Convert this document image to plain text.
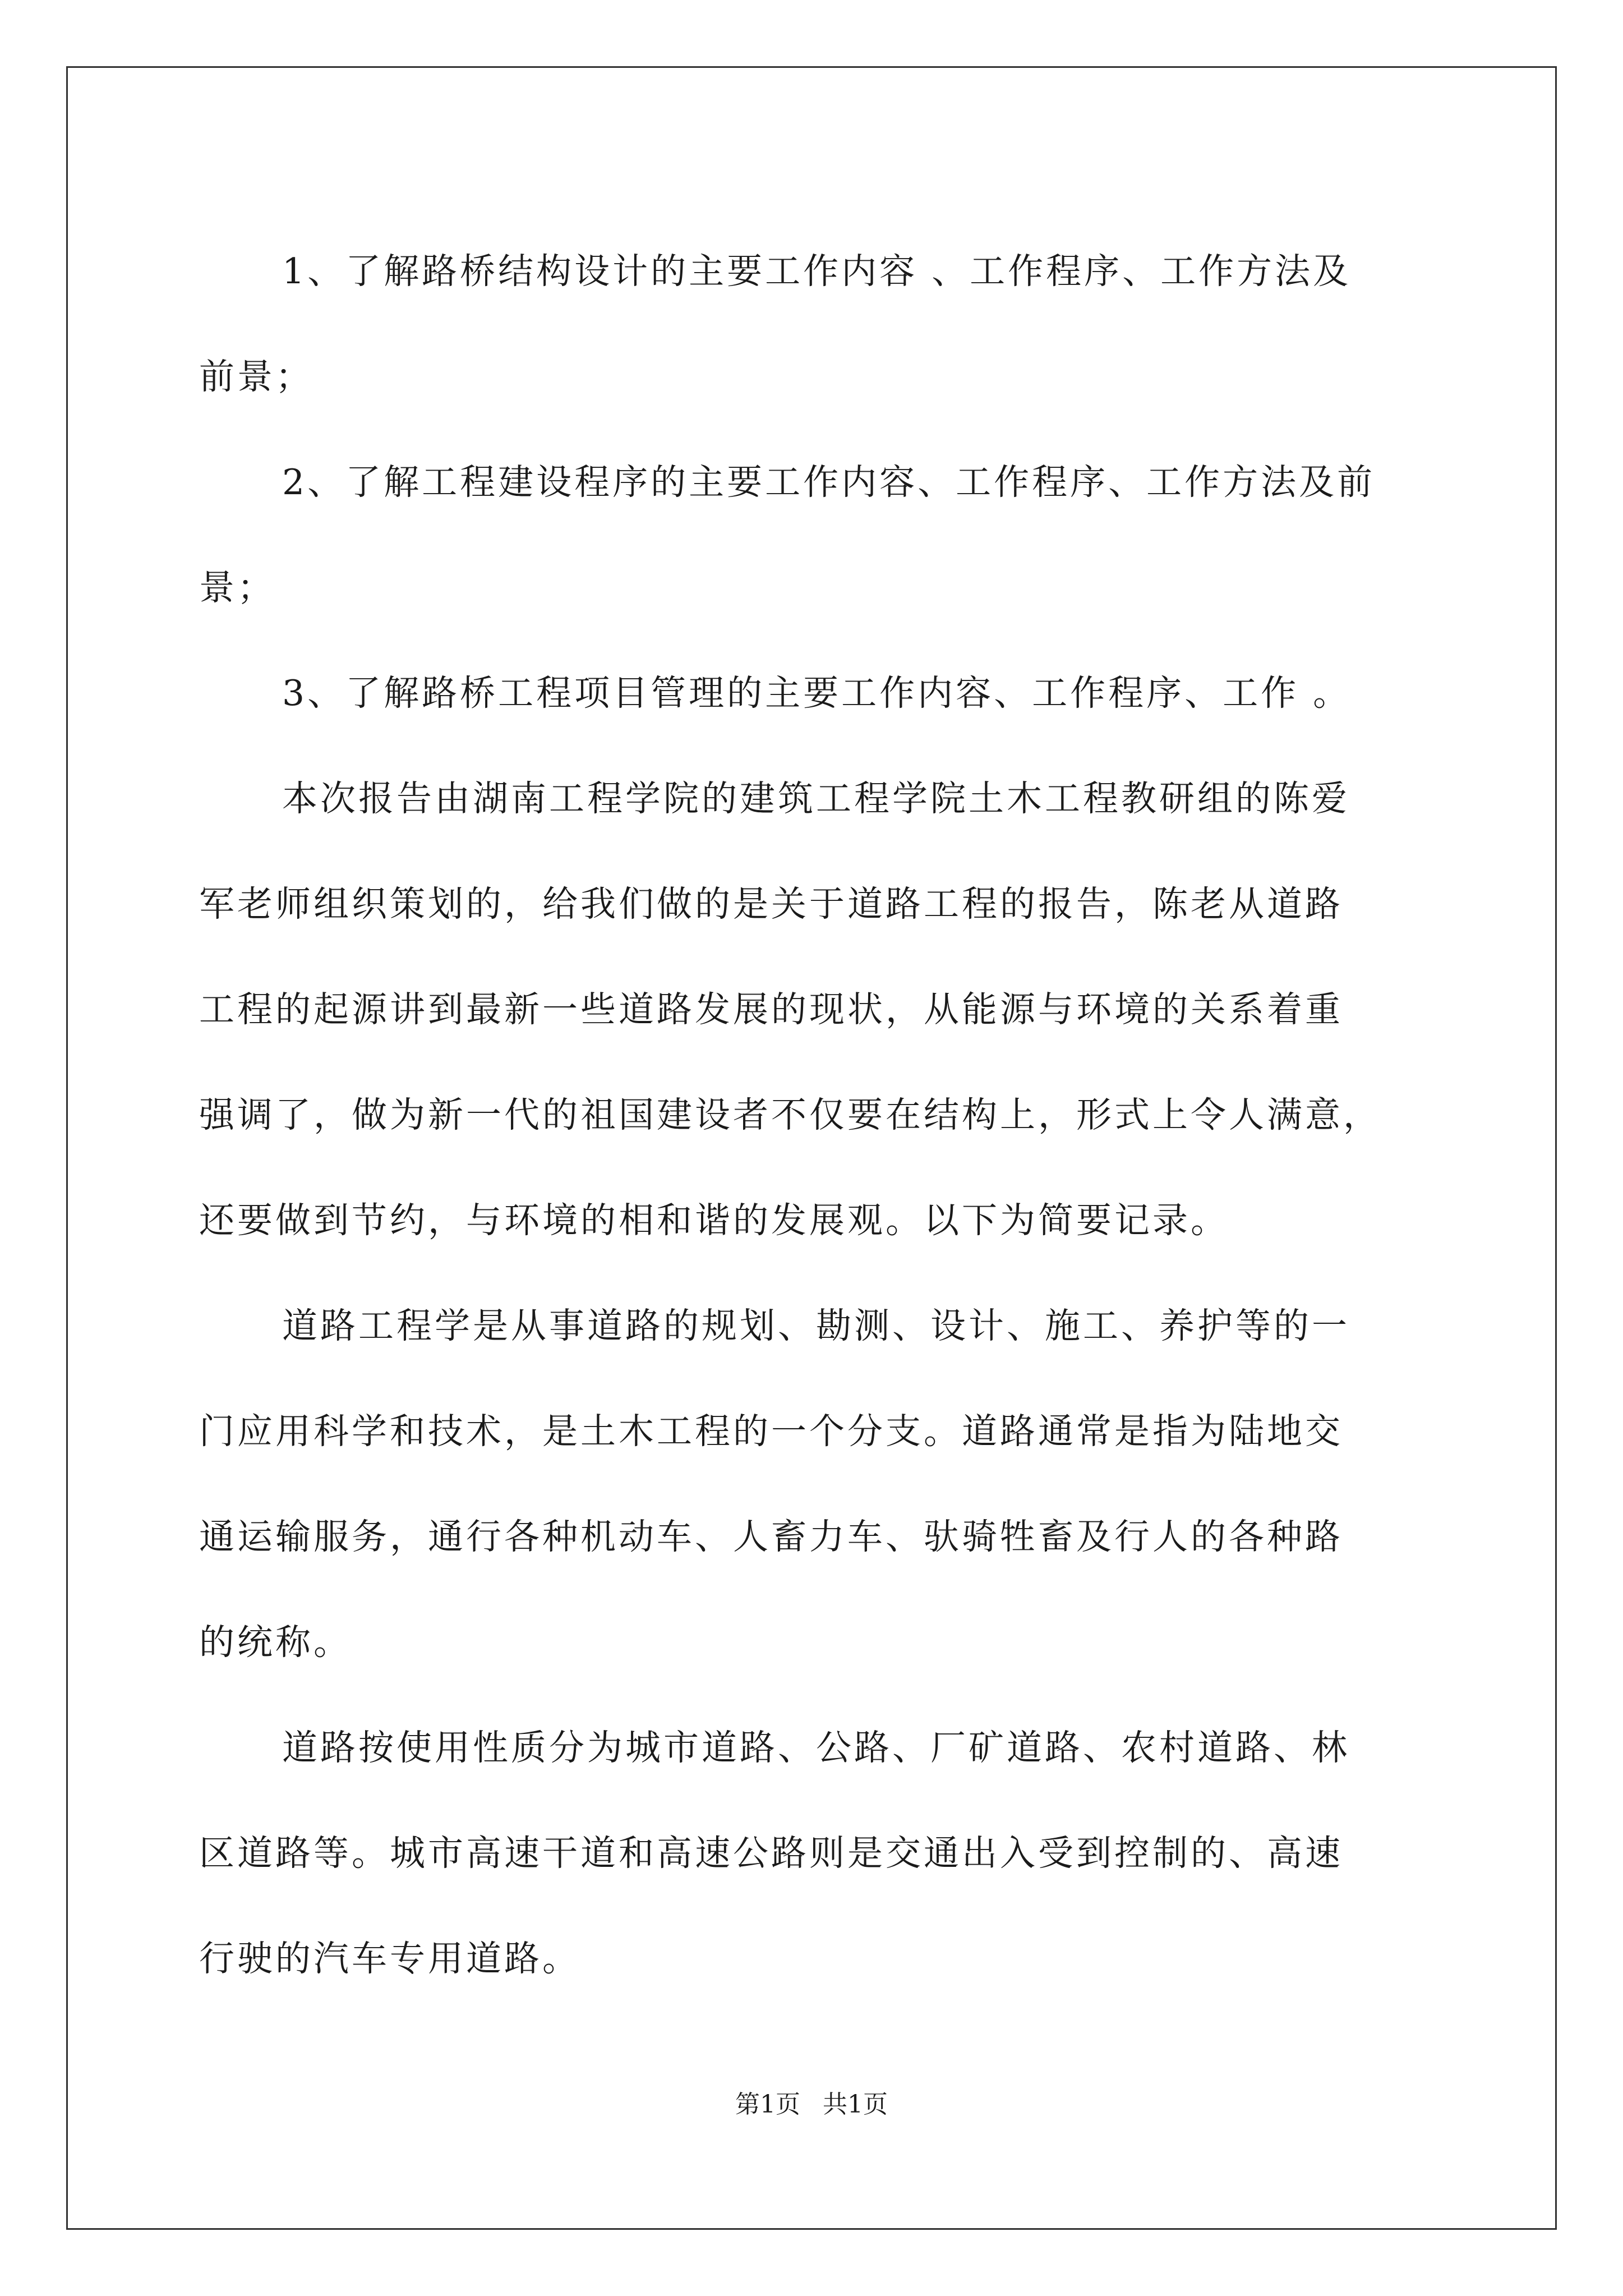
1、了解路桥结构设计的主要工作内容 、工作程序、工作方法及
前景；
2、了解工程建设程序的主要工作内容、工作程序、工作方法及前
景；
3、了解路桥工程项目管理的主要工作内容、工作程序、工作 。
本次报告由湖南工程学院的建筑工程学院土木工程教研组的陈爱
军老师组织策划的，给我们做的是关于道路工程的报告，陈老从道路
工程的起源讲到最新一些道路发展的现状，从能源与环境的关系着重
强调了，做为新一代的祖国建设者不仅要在结构上，形式上令人满意，
还要做到节约，与环境的相和谐的发展观。以下为简要记录。
道路工程学是从事道路的规划、勘测、设计、施工、养护等的一
门应用科学和技术，是土木工程的一个分支。道路通常是指为陆地交
通运输服务，通行各种机动车、人畜力车、驮骑牲畜及行人的各种路
的统称。
道路按使用性质分为城市道路、公路、厂矿道路、农村道路、林
区道路等。城市高速干道和高速公路则是交通出入受到控制的、高速
行驶的汽车专用道路。
第1页 共1页
